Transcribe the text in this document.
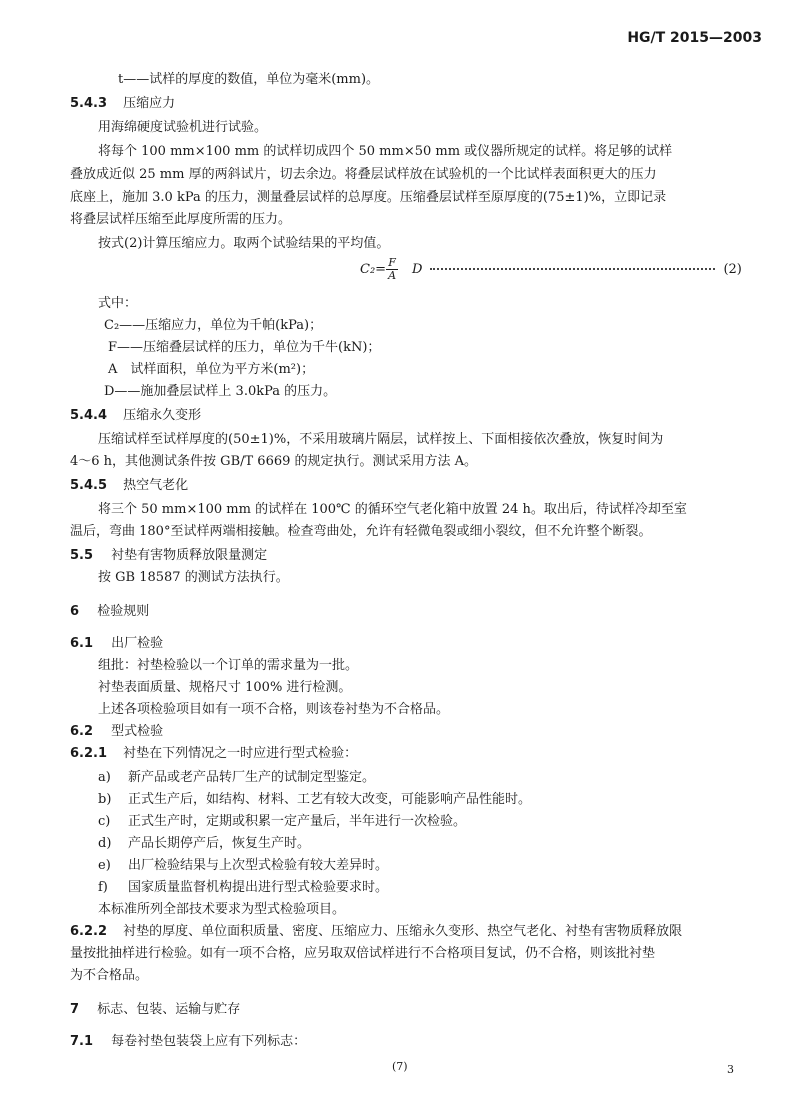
HG/T 2015—2003
t——试样的厚度的数值，单位为毫米(mm)。
5.4.3 压缩应力
用海绵硬度试验机进行试验。
将每个 100 mm×100 mm 的试样切成四个 50 mm×50 mm 或仪器所规定的试样。将足够的试样
叠放成近似 25 mm 厚的两斜试片，切去余边。将叠层试样放在试验机的一个比试样表面积更大的压力
底座上，施加 3.0 kPa 的压力，测量叠层试样的总厚度。压缩叠层试样至原厚度的(75±1)%，立即记录
将叠层试样压缩至此厚度所需的压力。
按式(2)计算压缩应力。取两个试验结果的平均值。
$C_2= \frac{F}{A}$ D	(2)
式中：
C₂——压缩应力，单位为千帕(kPa)；
F——压缩叠层试样的压力，单位为千牛(kN)；
A　试样面积，单位为平方米(m²)；
D——施加叠层试样上 3.0kPa 的压力。
5.4.4 压缩永久变形
压缩试样至试样厚度的(50±1)%，不采用玻璃片隔层，试样按上、下面相接依次叠放，恢复时间为
4～6 h，其他测试条件按 GB/T 6669 的规定执行。测试采用方法 A。
5.4.5 热空气老化
将三个 50 mm×100 mm 的试样在 100℃ 的循环空气老化箱中放置 24 h。取出后，待试样冷却至室
温后，弯曲 180°至试样两端相接触。检查弯曲处，允许有轻微龟裂或细小裂纹，但不允许整个断裂。
5.5 衬垫有害物质释放限量测定
按 GB 18587 的测试方法执行。
6 检验规则
6.1 出厂检验
组批：衬垫检验以一个订单的需求量为一批。
衬垫表面质量、规格尺寸 100% 进行检测。
上述各项检验项目如有一项不合格，则该卷衬垫为不合格品。
6.2 型式检验
6.2.1 衬垫在下列情况之一时应进行型式检验：
a) 新产品或老产品转厂生产的试制定型鉴定。
b) 正式生产后，如结构、材料、工艺有较大改变，可能影响产品性能时。
c) 正式生产时，定期或积累一定产量后，半年进行一次检验。
d) 产品长期停产后，恢复生产时。
e) 出厂检验结果与上次型式检验有较大差异时。
f) 国家质量监督机构提出进行型式检验要求时。
本标准所列全部技术要求为型式检验项目。
6.2.2 衬垫的厚度、单位面积质量、密度、压缩应力、压缩永久变形、热空气老化、衬垫有害物质释放限
量按批抽样进行检验。如有一项不合格，应另取双倍试样进行不合格项目复试，仍不合格，则该批衬垫
为不合格品。
7 标志、包装、运输与贮存
7.1 每卷衬垫包装袋上应有下列标志：
(7)	3
